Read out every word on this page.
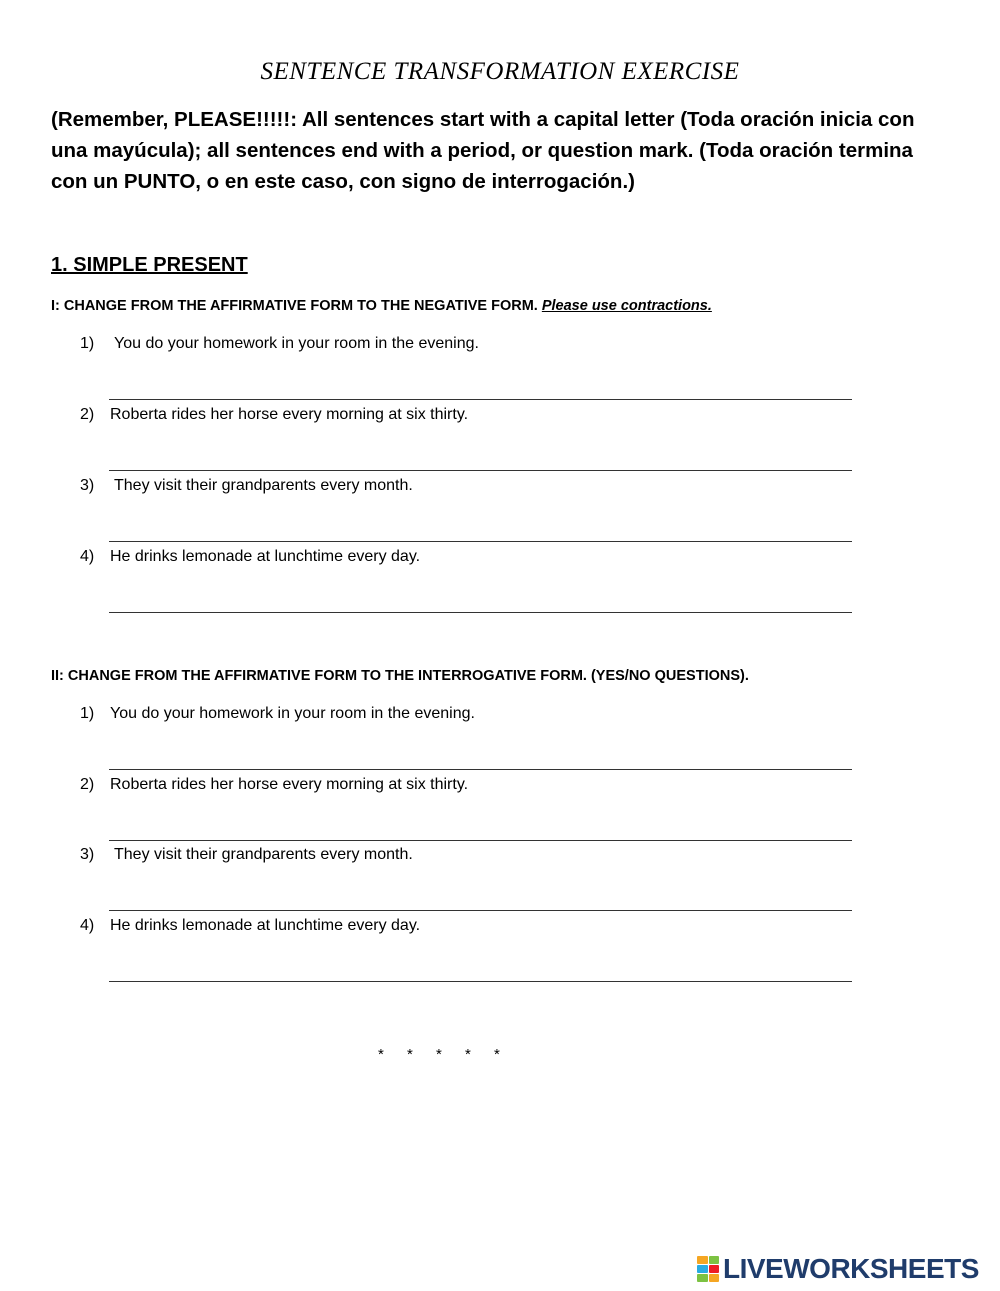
SENTENCE TRANSFORMATION EXERCISE
(Remember, PLEASE!!!!!: All sentences start with a capital letter (Toda oración inicia con una mayúcula); all sentences end with a period, or question mark. (Toda oración termina con un PUNTO, o en este caso, con signo de interrogación.)
1. SIMPLE PRESENT
I: CHANGE FROM THE AFFIRMATIVE FORM TO THE NEGATIVE FORM. Please use contractions.
1) You do your homework in your room in the evening.
2) Roberta rides her horse every morning at six thirty.
3) They visit their grandparents every month.
4) He drinks lemonade at lunchtime every day.
II: CHANGE FROM THE AFFIRMATIVE FORM TO THE INTERROGATIVE FORM. (YES/NO QUESTIONS).
1) You do your homework in your room in the evening.
2) Roberta rides her horse every morning at six thirty.
3) They visit their grandparents every month.
4) He drinks lemonade at lunchtime every day.
* * * * *
LIVEWORKSHEETS
